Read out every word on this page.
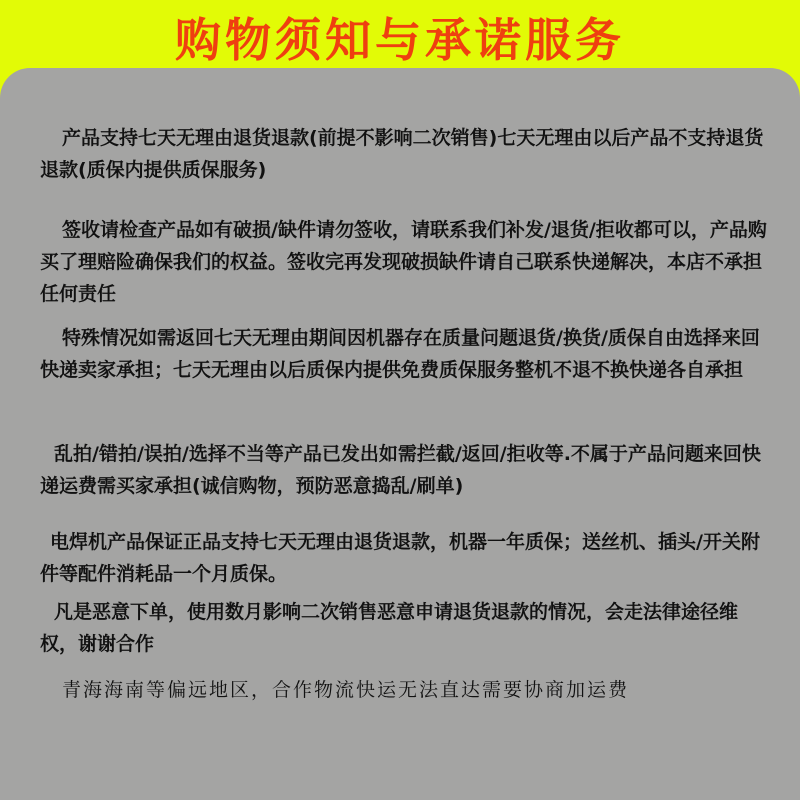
购物须知与承诺服务

产品支持七天无理由退货退款(前提不影响二次销售)七天无理由以后产品不支持退货退款(质保内提供质保服务)

签收请检查产品如有破损/缺件请勿签收，请联系我们补发/退货/拒收都可以，产品购买了理赔险确保我们的权益。签收完再发现破损缺件请自己联系快递解决，本店不承担任何责任

特殊情况如需返回七天无理由期间因机器存在质量问题退货/换货/质保自由选择来回快递卖家承担；七天无理由以后质保内提供免费质保服务整机不退不换快递各自承担

乱拍/错拍/误拍/选择不当等产品已发出如需拦截/返回/拒收等.不属于产品问题来回快递运费需买家承担(诚信购物，预防恶意捣乱/刷单)

电焊机产品保证正品支持七天无理由退货退款，机器一年质保；送丝机、插头/开关附件等配件消耗品一个月质保。

凡是恶意下单，使用数月影响二次销售恶意申请退货退款的情况，会走法律途径维权，谢谢合作

青海海南等偏远地区，合作物流快运无法直达需要协商加运费
